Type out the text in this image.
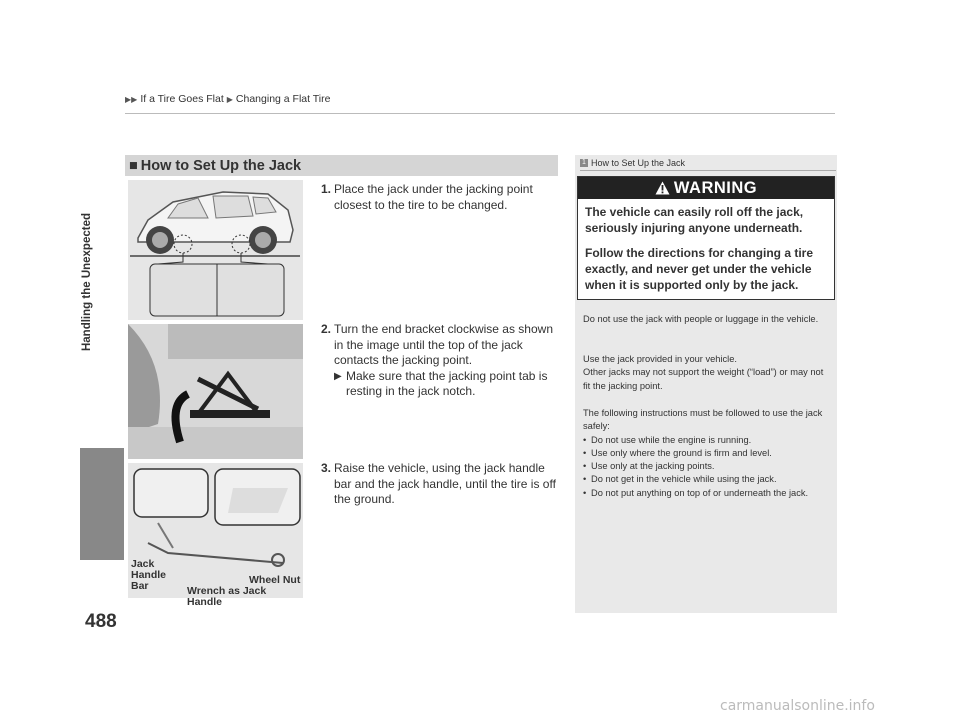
▶▶ If a Tire Goes Flat ▶ Changing a Flat Tire
Handling the Unexpected
488
■ How to Set Up the Jack
Jack
Handle
Bar	Wheel Nut
Wrench as Jack Handle
1. Place the jack under the jacking point closest to the tire to be changed.
2. Turn the end bracket clockwise as shown in the image until the top of the jack contacts the jacking point.
▶ Make sure that the jacking point tab is resting in the jack notch.
3. Raise the vehicle, using the jack handle bar and the jack handle, until the tire is off the ground.
1 How to Set Up the Jack
WARNING
The vehicle can easily roll off the jack, seriously injuring anyone underneath.
Follow the directions for changing a tire exactly, and never get under the vehicle when it is supported only by the jack.

Do not use the jack with people or luggage in the vehicle.

Use the jack provided in your vehicle.

Other jacks may not support the weight (“load”) or may not fit the jacking point.

The following instructions must be followed to use the jack safely:

• Do not use while the engine is running.
• Use only where the ground is firm and level.
• Use only at the jacking points.
• Do not get in the vehicle while using the jack.
• Do not put anything on top of or underneath the jack.
carmanualsonline.info
